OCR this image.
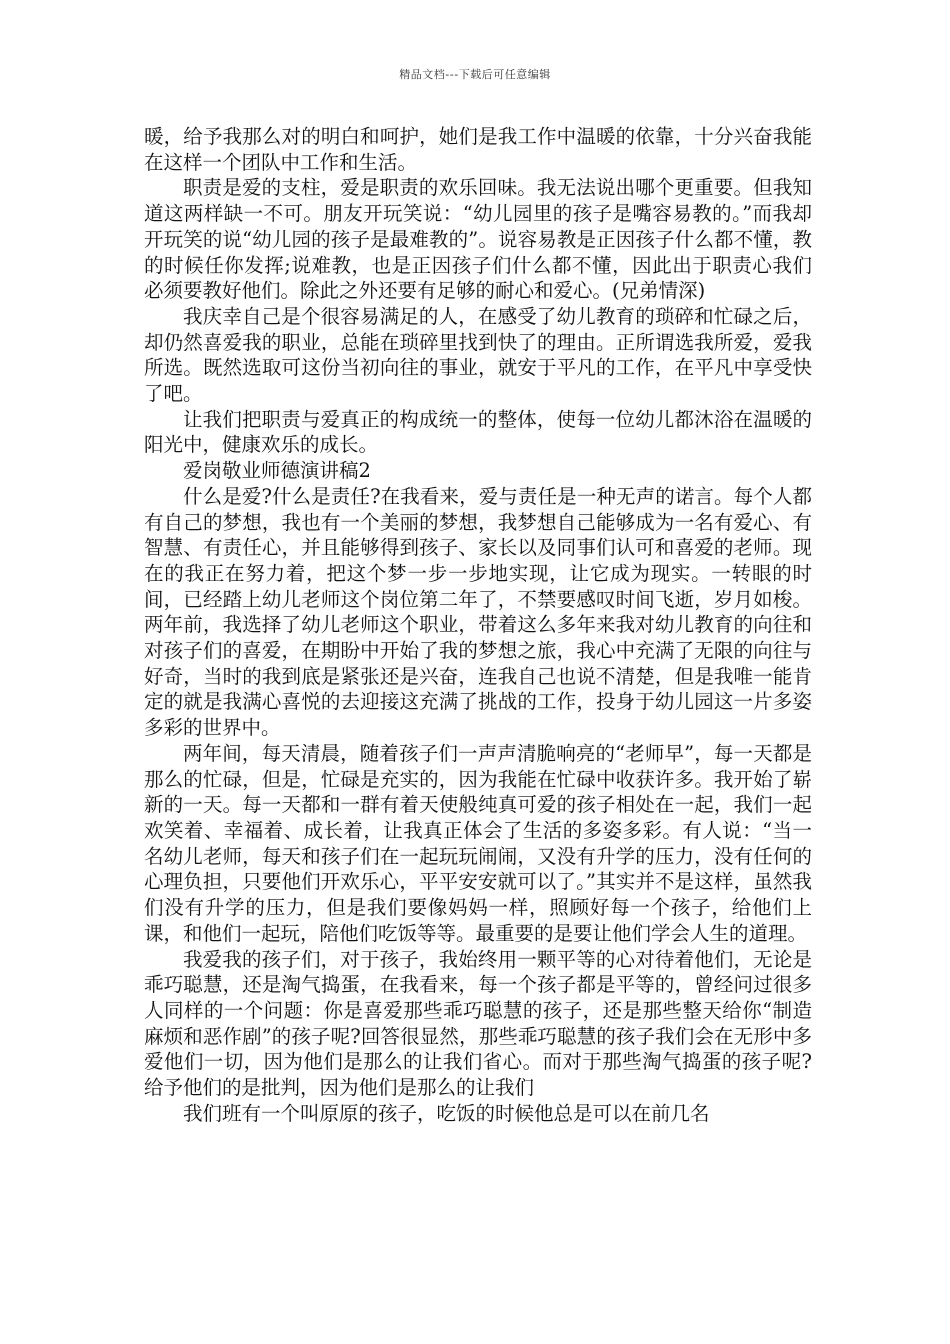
精品文档---下载后可任意编辑

暖，给予我那么对的明白和呵护，她们是我工作中温暖的依靠，十分兴奋我能在这样一个团队中工作和生活。

职责是爱的支柱，爱是职责的欢乐回味。我无法说出哪个更重要。但我知道这两样缺一不可。朋友开玩笑说：“幼儿园里的孩子是嘴容易教的。”而我却开玩笑的说“幼儿园的孩子是最难教的”。说容易教是正因孩子什么都不懂，教的时候任你发挥;说难教，也是正因孩子们什么都不懂，因此出于职责心我们必须要教好他们。除此之外还要有足够的耐心和爱心。(兄弟情深)

我庆幸自己是个很容易满足的人，在感受了幼儿教育的琐碎和忙碌之后，却仍然喜爱我的职业，总能在琐碎里找到快了的理由。正所谓选我所爱，爱我所选。既然选取可这份当初向往的事业，就安于平凡的工作，在平凡中享受快了吧。

让我们把职责与爱真正的构成统一的整体，使每一位幼儿都沐浴在温暖的阳光中，健康欢乐的成长。

爱岗敬业师德演讲稿2

什么是爱?什么是责任?在我看来，爱与责任是一种无声的诺言。每个人都有自己的梦想，我也有一个美丽的梦想，我梦想自己能够成为一名有爱心、有智慧、有责任心，并且能够得到孩子、家长以及同事们认可和喜爱的老师。现在的我正在努力着，把这个梦一步一步地实现，让它成为现实。一转眼的时间，已经踏上幼儿老师这个岗位第二年了，不禁要感叹时间飞逝，岁月如梭。两年前，我选择了幼儿老师这个职业，带着这么多年来我对幼儿教育的向往和对孩子们的喜爱，在期盼中开始了我的梦想之旅，我心中充满了无限的向往与好奇，当时的我到底是紧张还是兴奋，连我自己也说不清楚，但是我唯一能肯定的就是我满心喜悦的去迎接这充满了挑战的工作，投身于幼儿园这一片多姿多彩的世界中。

两年间，每天清晨，随着孩子们一声声清脆响亮的“老师早”，每一天都是那么的忙碌，但是，忙碌是充实的，因为我能在忙碌中收获许多。我开始了崭新的一天。每一天都和一群有着天使般纯真可爱的孩子相处在一起，我们一起欢笑着、幸福着、成长着，让我真正体会了生活的多姿多彩。有人说：“当一名幼儿老师，每天和孩子们在一起玩玩闹闹，又没有升学的压力，没有任何的心理负担，只要他们开欢乐心，平平安安就可以了。”其实并不是这样，虽然我们没有升学的压力，但是我们要像妈妈一样，照顾好每一个孩子，给他们上课，和他们一起玩，陪他们吃饭等等。最重要的是要让他们学会人生的道理。

我爱我的孩子们，对于孩子，我始终用一颗平等的心对待着他们，无论是乖巧聪慧，还是淘气捣蛋，在我看来，每一个孩子都是平等的，曾经问过很多人同样的一个问题：你是喜爱那些乖巧聪慧的孩子，还是那些整天给你“制造麻烦和恶作剧”的孩子呢?回答很显然，那些乖巧聪慧的孩子我们会在无形中多爱他们一切，因为他们是那么的让我们省心。而对于那些淘气捣蛋的孩子呢?给予他们的是批判，因为他们是那么的让我们

我们班有一个叫原原的孩子，吃饭的时候他总是可以在前几名
